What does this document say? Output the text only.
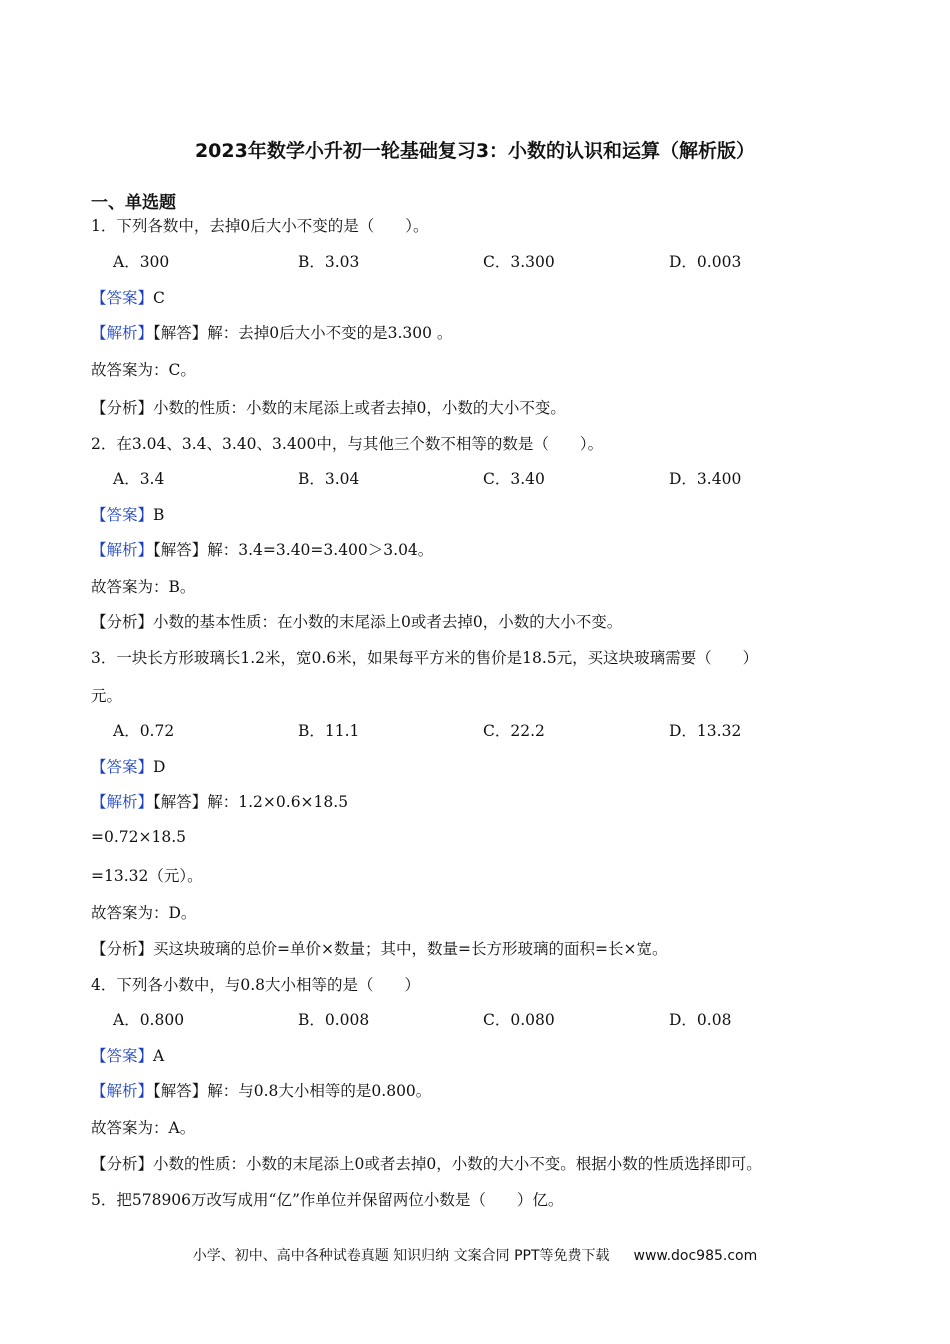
2023年数学小升初一轮基础复习3：小数的认识和运算（解析版）
一、单选题
1．下列各数中，去掉0后大小不变的是（　　）。
A．300	B．3.03	C．3.300	D．0.003
【答案】C
【解析】【解答】解：去掉0后大小不变的是3.300 。
故答案为：C。
【分析】小数的性质：小数的末尾添上或者去掉0，小数的大小不变。
2．在3.04、3.4、3.40、3.400中，与其他三个数不相等的数是（　　）。
A．3.4	B．3.04	C．3.40	D．3.400
【答案】B
【解析】【解答】解：3.4=3.40=3.400＞3.04。
故答案为：B。
【分析】小数的基本性质：在小数的末尾添上0或者去掉0，小数的大小不变。
3．一块长方形玻璃长1.2米，宽0.6米，如果每平方米的售价是18.5元，买这块玻璃需要（　　）
元。
A．0.72	B．11.1	C．22.2	D．13.32
【答案】D
【解析】【解答】解：1.2×0.6×18.5
=0.72×18.5
=13.32（元）。
故答案为：D。
【分析】买这块玻璃的总价=单价×数量；其中，数量=长方形玻璃的面积=长×宽。
4．下列各小数中，与0.8大小相等的是（　　）
A．0.800	B．0.008	C．0.080	D．0.08
【答案】A
【解析】【解答】解：与0.8大小相等的是0.800。
故答案为：A。
【分析】小数的性质：小数的末尾添上0或者去掉0，小数的大小不变。根据小数的性质选择即可。
5．把578906万改写成用“亿”作单位并保留两位小数是（　　）亿。
小学、初中、高中各种试卷真题 知识归纳 文案合同 PPT等免费下载 www.doc985.com
